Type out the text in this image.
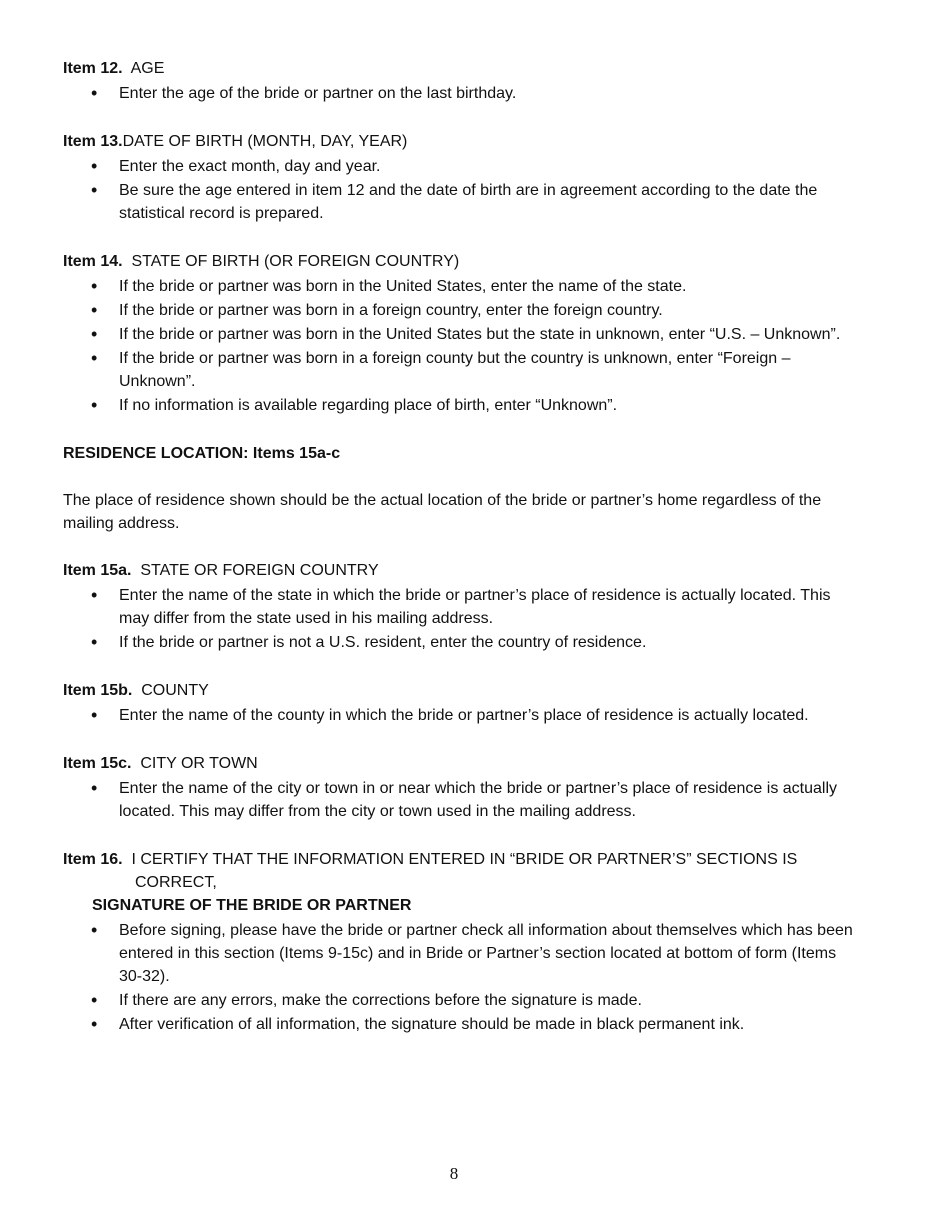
Item 12. AGE

• Enter the age of the bride or partner on the last birthday.

Item 13.DATE OF BIRTH (MONTH, DAY, YEAR)

• Enter the exact month, day and year.
• Be sure the age entered in item 12 and the date of birth are in agreement according to the date the statistical record is prepared.

Item 14. STATE OF BIRTH (OR FOREIGN COUNTRY)

• If the bride or partner was born in the United States, enter the name of the state.
• If the bride or partner was born in a foreign country, enter the foreign country.
• If the bride or partner was born in the United States but the state in unknown, enter “U.S. – Unknown”.
• If the bride or partner was born in a foreign county but the country is unknown, enter “Foreign – Unknown”.
• If no information is available regarding place of birth, enter “Unknown”.

RESIDENCE LOCATION: Items 15a-c

The place of residence shown should be the actual location of the bride or partner’s home regardless of the mailing address.

Item 15a. STATE OR FOREIGN COUNTRY

• Enter the name of the state in which the bride or partner’s place of residence is actually located. This may differ from the state used in his mailing address.
• If the bride or partner is not a U.S. resident, enter the country of residence.

Item 15b. COUNTY

• Enter the name of the county in which the bride or partner’s place of residence is actually located.

Item 15c. CITY OR TOWN

• Enter the name of the city or town in or near which the bride or partner’s place of residence is actually located. This may differ from the city or town used in the mailing address.

Item 16. I CERTIFY THAT THE INFORMATION ENTERED IN “BRIDE OR PARTNER’S” SECTIONS IS

CORRECT,

SIGNATURE OF THE BRIDE OR PARTNER

• Before signing, please have the bride or partner check all information about themselves which has been entered in this section (Items 9-15c) and in Bride or Partner’s section located at bottom of form (Items 30-32).
• If there are any errors, make the corrections before the signature is made.
• After verification of all information, the signature should be made in black permanent ink.
8
